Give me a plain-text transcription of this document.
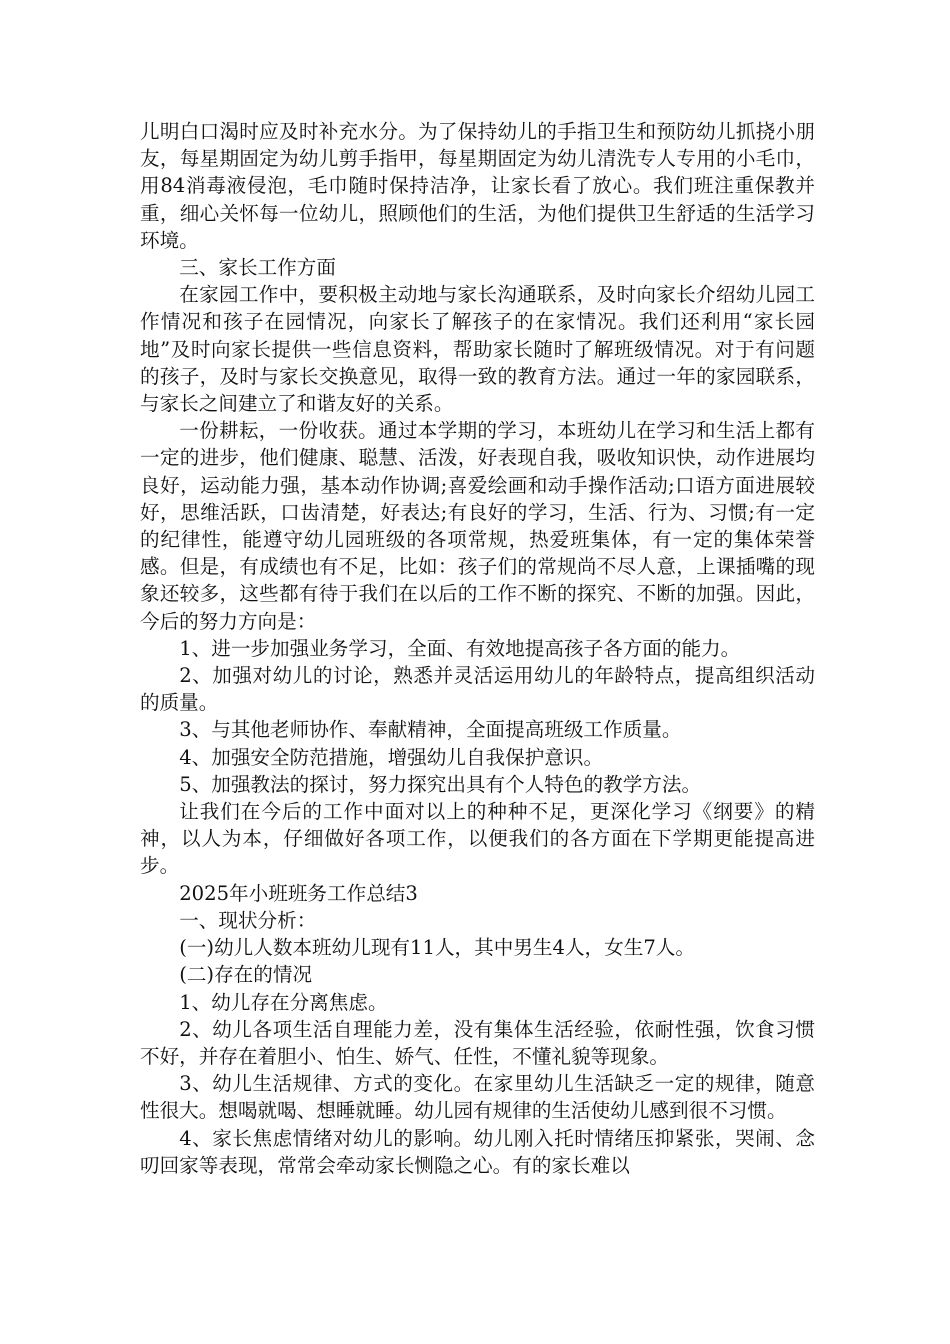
儿明白口渴时应及时补充水分。为了保持幼儿的手指卫生和预防幼儿抓挠小朋友，每星期固定为幼儿剪手指甲，每星期固定为幼儿清洗专人专用的小毛巾，用84消毒液侵泡，毛巾随时保持洁净，让家长看了放心。我们班注重保教并重，细心关怀每一位幼儿，照顾他们的生活，为他们提供卫生舒适的生活学习环境。

三、家长工作方面

在家园工作中，要积极主动地与家长沟通联系，及时向家长介绍幼儿园工作情况和孩子在园情况，向家长了解孩子的在家情况。我们还利用“家长园地”及时向家长提供一些信息资料，帮助家长随时了解班级情况。对于有问题的孩子，及时与家长交换意见，取得一致的教育方法。通过一年的家园联系，与家长之间建立了和谐友好的关系。

一份耕耘，一份收获。通过本学期的学习，本班幼儿在学习和生活上都有一定的进步，他们健康、聪慧、活泼，好表现自我，吸收知识快，动作进展均良好，运动能力强，基本动作协调;喜爱绘画和动手操作活动;口语方面进展较好，思维活跃，口齿清楚，好表达;有良好的学习，生活、行为、习惯;有一定的纪律性，能遵守幼儿园班级的各项常规，热爱班集体，有一定的集体荣誉感。但是，有成绩也有不足，比如：孩子们的常规尚不尽人意，上课插嘴的现象还较多，这些都有待于我们在以后的工作不断的探究、不断的加强。因此，今后的努力方向是：

1、进一步加强业务学习，全面、有效地提高孩子各方面的能力。

2、加强对幼儿的讨论，熟悉并灵活运用幼儿的年龄特点，提高组织活动的质量。

3、与其他老师协作、奉献精神，全面提高班级工作质量。

4、加强安全防范措施，增强幼儿自我保护意识。

5、加强教法的探讨，努力探究出具有个人特色的教学方法。

让我们在今后的工作中面对以上的种种不足，更深化学习《纲要》的精神，以人为本，仔细做好各项工作，以便我们的各方面在下学期更能提高进步。

2025年小班班务工作总结3

一、现状分析：

(一)幼儿人数本班幼儿现有11人，其中男生4人，女生7人。

(二)存在的情况

1、幼儿存在分离焦虑。

2、幼儿各项生活自理能力差，没有集体生活经验，依耐性强，饮食习惯不好，并存在着胆小、怕生、娇气、任性，不懂礼貌等现象。

3、幼儿生活规律、方式的变化。在家里幼儿生活缺乏一定的规律，随意性很大。想喝就喝、想睡就睡。幼儿园有规律的生活使幼儿感到很不习惯。

4、家长焦虑情绪对幼儿的影响。幼儿刚入托时情绪压抑紧张，哭闹、念叨回家等表现，常常会牵动家长恻隐之心。有的家长难以
